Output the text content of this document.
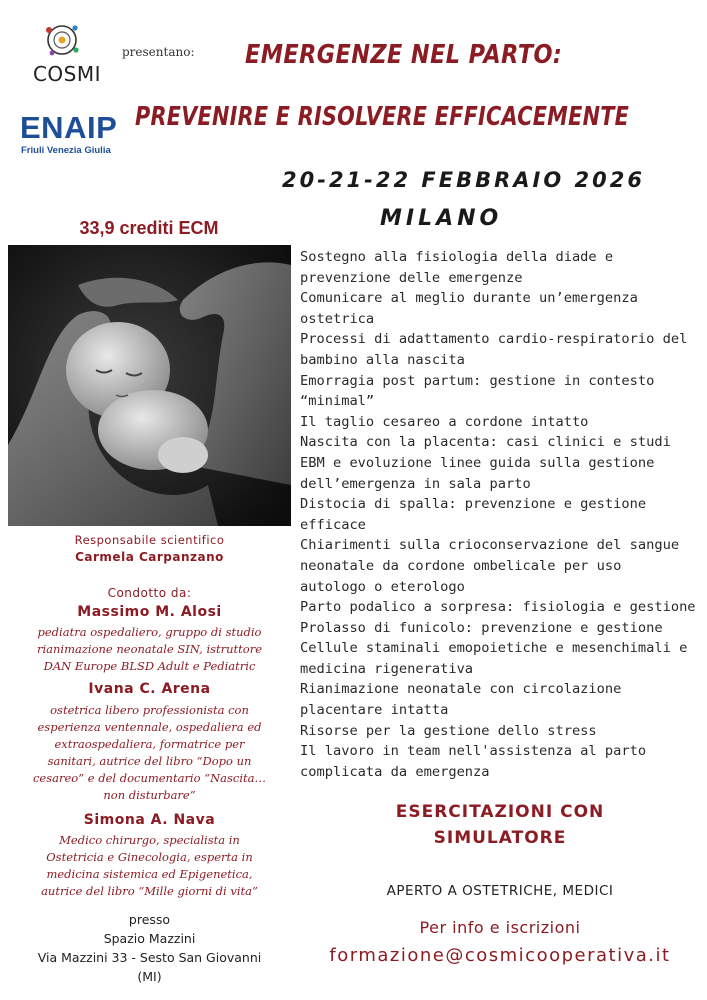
COSMI
presentano:
ENAIP
Friuli Venezia Giulia
EMERGENZE NEL PARTO:
PREVENIRE E RISOLVERE EFFICACEMENTE
20-21-22 FEBBRAIO 2026
MILANO
33,9 crediti ECM
Responsabile scientifico
Carmela Carpanzano
Condotto da:
Massimo M. Alosi
pediatra ospedaliero, gruppo di studio
rianimazione neonatale SIN, istruttore
DAN Europe BLSD Adult e Pediatric
Ivana C. Arena
ostetrica libero professionista con
esperienza ventennale, ospedaliera ed
extraospedaliera, formatrice per
sanitari, autrice del libro “Dopo un
cesareo” e del documentario “Nascita…
non disturbare”
Simona A. Nava
Medico chirurgo, specialista in
Ostetricia e Ginecologia, esperta in
medicina sistemica ed Epigenetica,
autrice del libro “Mille giorni di vita”
presso
Spazio Mazzini
Via Mazzini 33 - Sesto San Giovanni
(MI)
Sostegno alla fisiologia della diade e
prevenzione delle emergenze
Comunicare al meglio durante un’emergenza
ostetrica
Processi di adattamento cardio-respiratorio del
bambino alla nascita
Emorragia post partum: gestione in contesto
“minimal”
Il taglio cesareo a cordone intatto
Nascita con la placenta: casi clinici e studi
EBM e evoluzione linee guida sulla gestione
dell’emergenza in sala parto
Distocia di spalla: prevenzione e gestione
efficace
Chiarimenti sulla crioconservazione del sangue
neonatale da cordone ombelicale per uso
autologo o eterologo
Parto podalico a sorpresa: fisiologia e gestione
Prolasso di funicolo: prevenzione e gestione
Cellule staminali emopoietiche e mesenchimali e
medicina rigenerativa
Rianimazione neonatale con circolazione
placentare intatta
Risorse per la gestione dello stress
Il lavoro in team nell'assistenza al parto
complicata da emergenza
ESERCITAZIONI CON
SIMULATORE
APERTO A OSTETRICHE, MEDICI
Per info e iscrizioni
formazione@cosmicooperativa.it
